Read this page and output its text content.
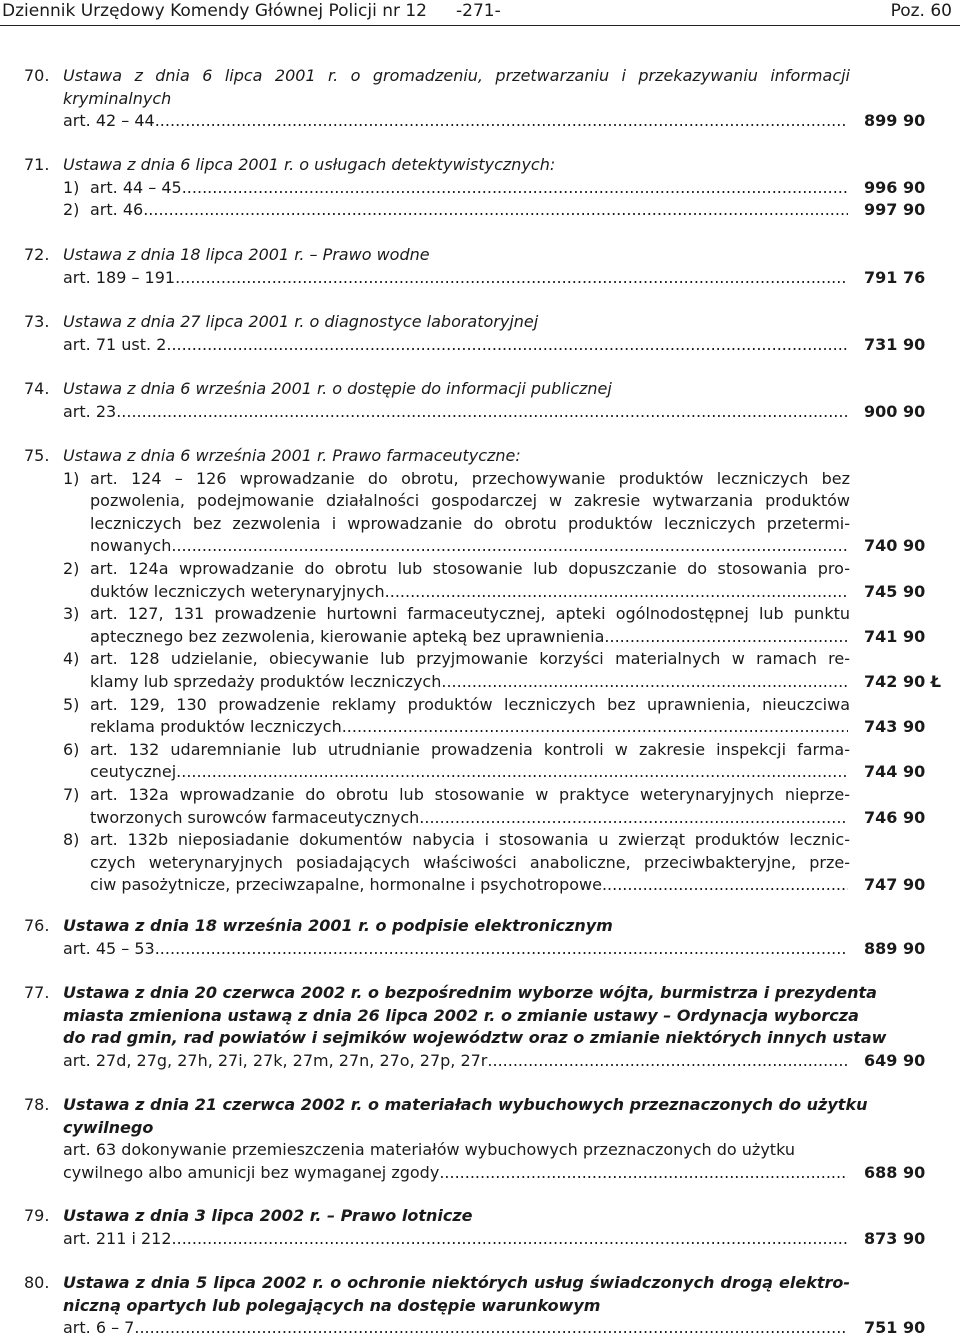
Dziennik Urzędowy Komendy Głównej Policji nr 12 -271-	Poz. 60
70. Ustawa z dnia 6 lipca 2001 r. o gromadzeniu, przetwarzaniu i przekazywaniu informacji
kryminalnych
art. 42 – 44 .....	899 90
71. Ustawa z dnia 6 lipca 2001 r. o usługach detektywistycznych:
1) art. 44 – 45 .....	996 90
2) art. 46 .....	997 90
72. Ustawa z dnia 18 lipca 2001 r. – Prawo wodne
art. 189 – 191 .....	791 76
73. Ustawa z dnia 27 lipca 2001 r. o diagnostyce laboratoryjnej
art. 71 ust. 2 .....	731 90
74. Ustawa z dnia 6 września 2001 r. o dostępie do informacji publicznej
art. 23 .....	900 90
75. Ustawa z dnia 6 września 2001 r. Prawo farmaceutyczne:
1) art. 124 – 126 wprowadzanie do obrotu, przechowywanie produktów leczniczych bez
pozwolenia, podejmowanie działalności gospodarczej w zakresie wytwarzania produktów
leczniczych bez zezwolenia i wprowadzanie do obrotu produktów leczniczych przetermi-
nowanych .....	740 90
2) art. 124a wprowadzanie do obrotu lub stosowanie lub dopuszczanie do stosowania pro-
duktów leczniczych weterynaryjnych .....	745 90
3) art. 127, 131 prowadzenie hurtowni farmaceutycznej, apteki ogólnodostępnej lub punktu
aptecznego bez zezwolenia, kierowanie apteką bez uprawnienia .....	741 90
4) art. 128 udzielanie, obiecywanie lub przyjmowanie korzyści materialnych w ramach re-
klamy lub sprzedaży produktów leczniczych .....	742 90 Ł
5) art. 129, 130 prowadzenie reklamy produktów leczniczych bez uprawnienia, nieuczciwa
reklama produktów leczniczych .....	743 90
6) art. 132 udaremnianie lub utrudnianie prowadzenia kontroli w zakresie inspekcji farma-
ceutycznej .....	744 90
7) art. 132a wprowadzanie do obrotu lub stosowanie w praktyce weterynaryjnych nieprze-
tworzonych surowców farmaceutycznych .....	746 90
8) art. 132b nieposiadanie dokumentów nabycia i stosowania u zwierząt produktów lecznic-
czych weterynaryjnych posiadających właściwości anaboliczne, przeciwbakteryjne, prze-
ciw pasożytnicze, przeciwzapalne, hormonalne i psychotropowe .....	747 90
76. Ustawa z dnia 18 września 2001 r. o podpisie elektronicznym
art. 45 – 53 .....	889 90
77. Ustawa z dnia 20 czerwca 2002 r. o bezpośrednim wyborze wójta, burmistrza i prezydenta
miasta zmieniona ustawą z dnia 26 lipca 2002 r. o zmianie ustawy – Ordynacja wyborcza
do rad gmin, rad powiatów i sejmików województw oraz o zmianie niektórych innych ustaw
art. 27d, 27g, 27h, 27i, 27k, 27m, 27n, 27o, 27p, 27r .....	649 90
78. Ustawa z dnia 21 czerwca 2002 r. o materiałach wybuchowych przeznaczonych do użytku
cywilnego
art. 63 dokonywanie przemieszczenia materiałów wybuchowych przeznaczonych do użytku
cywilnego albo amunicji bez wymaganej zgody .....	688 90
79. Ustawa z dnia 3 lipca 2002 r. – Prawo lotnicze
art. 211 i 212 .....	873 90
80. Ustawa z dnia 5 lipca 2002 r. o ochronie niektórych usług świadczonych drogą elektro-
niczną opartych lub polegających na dostępie warunkowym
art. 6 – 7 .....	751 90
